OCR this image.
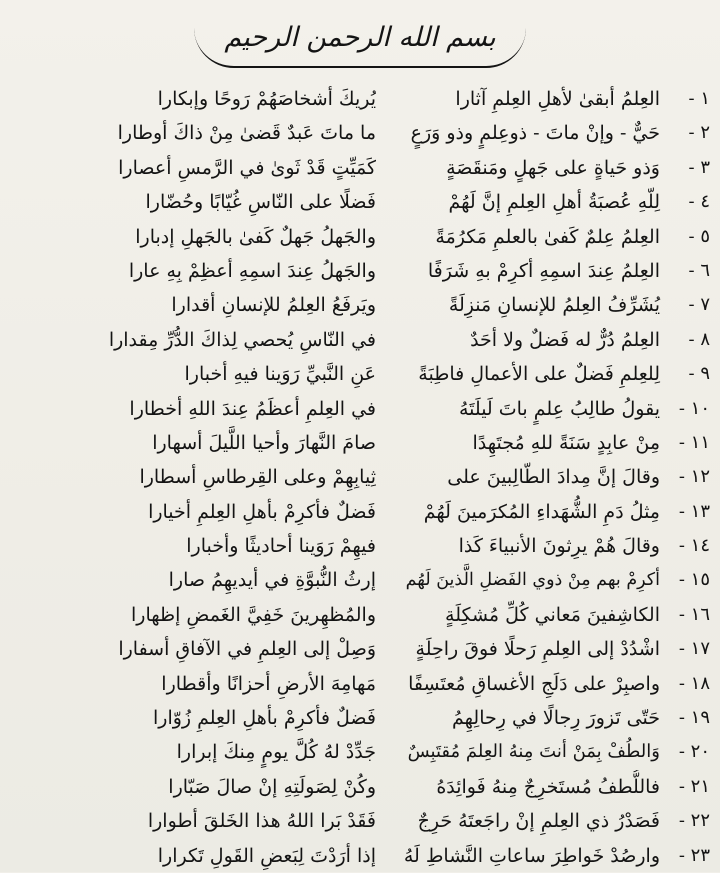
بسم الله الرحمن الرحيم
١ -
العِلمُ أبقىٰ لأهلِ العِلمِ آثارا
٢ -
حَيٌّ - وإنْ ماتَ - ذوعِلمٍ وذو وَرَعٍ
٣ -
وَذو حَياةٍ على جَهلٍ ومَنقَصَةٍ
٤ -
لِلّهِ عُصبَةُ أهلِ العِلمِ إنَّ لَهُمْ
٥ -
العِلمُ عِلمٌ كَفىٰ بالعلمِ مَكرُمَةً
٦ -
العِلمُ عِندَ اسمِهِ أكرِمْ بهِ شَرَفًا
٧ -
يُشَرِّفُ العِلمُ للإنسانِ مَنزِلَةً
٨ -
العِلمُ دُرٌّ له فَضلٌ ولا أحَدٌ
٩ -
لِلعِلمِ فَضلٌ على الأعمالِ فاطِبَةً
١٠ -
يقولُ طالِبُ عِلمٍ باتَ لَيلَتَهُ
١١ -
مِنْ عابِدٍ سَنَةً للهِ مُجتَهِدًا
١٢ -
وقالَ إنَّ مِدادَ الطّالِبينَ على
١٣ -
مِثلُ دَمِ الشُّهَداءِ المُكرَمينَ لَهُمْ
١٤ -
وقالَ هُمْ يرِثونَ الأنبياءَ كَذا
١٥ -
أكرِمْ بهم مِنْ ذوي الفَضلِ الَّذينَ لَهُم
١٦ -
الكاشِفينَ مَعاني كُلِّ مُشكِلَةٍ
١٧ -
اشْدُدْ إلى العِلمِ رَحلًا فوقَ راحِلَةٍ
١٨ -
واصبِرْ على دَلَجِ الأغساقِ مُعتَسِفًا
١٩ -
حَتّى تَزورَ رِجالًا في رِحالِهِمُ
٢٠ -
وَالطُفْ بِمَنْ أنتَ مِنهُ العِلمَ مُقتَبِسٌ
٢١ -
فاللُّطفُ مُستَخرِجٌ مِنهُ فَوائِدَهُ
٢٢ -
فَصَدْرُ ذي العِلمِ إنْ راجَعتَهُ حَرِجٌ
٢٣ -
وارصُدْ خَواطِرَ ساعاتِ النَّشاطِ لَهُ
يُريكَ أشخاصَهُمْ رَوحًا وإبكارا
ما ماتَ عَبدٌ قَضىٰ مِنْ ذاكَ أوطارا
كَمَيِّتٍ قَدْ ثَوىٰ في الرَّمسِ أعصارا
فَضلًا على النّاسِ غُيّابًا وحُضّارا
والجَهلُ جَهلٌ كَفىٰ بالجَهلِ إدبارا
والجَهلُ عِندَ اسمِهِ أعظِمْ بِهِ عارا
ويَرفَعُ العِلمُ للإنسانِ أقدارا
في النّاسِ يُحصي لِذاكَ الدُّرِّ مِقدارا
عَنِ النَّبيِّ رَوَينا فيهِ أخبارا
في العِلمِ أعظَمُ عِندَ اللهِ أخطارا
صامَ النَّهارَ وأحيا اللَّيلَ أسهارا
ثِيابِهِمْ وعلى القِرطاسِ أسطارا
فَضلٌ فأكرِمْ بأهلِ العِلمِ أخيارا
فيهِمْ رَوَينا أحاديثًا وأخبارا
إرثُ النُّبوَّةِ في أيديهِمُ صارا
والمُظهِرينَ خَفِيَّ الغَمضِ إظهارا
وَصِلْ إلى العِلمِ في الآفاقِ أسفارا
مَهامِهَ الأرضِ أحزانًا وأقطارا
فَضلٌ فأكرِمْ بأهلِ العِلمِ زُوّارا
جَدِّدْ لهُ كُلَّ يومٍ مِنكَ إبرارا
وكُنْ لِصَولَتِهِ إنْ صالَ صَبّارا
فَقَدْ بَرا اللهُ هذا الخَلقَ أطوارا
إذا أرَدْتَ لِبَعضِ القَولِ تَكرارا
